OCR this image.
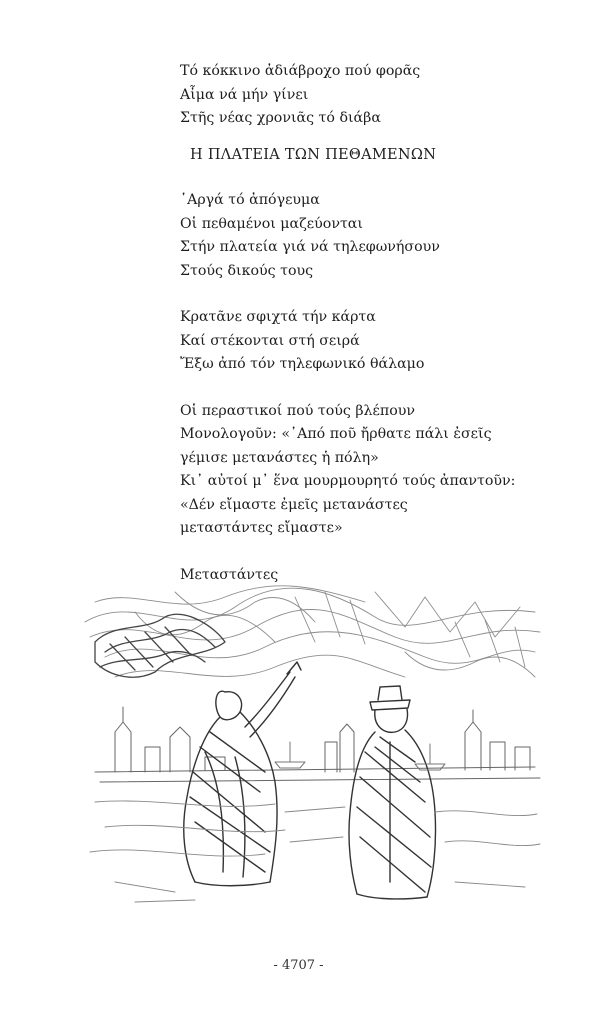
Τό κόκκινο ἀδιάβροχο πού φορᾶς
Αἷμα νά μήν γίνει
Στῆς νέας χρονιᾶς τό διάβα
Η ΠΛΑΤΕΙΑ ΤΩΝ ΠΕΘΑΜΕΝΩΝ
῾Αργά τό ἀπόγευμα
Οἱ πεθαμένοι μαζεύονται
Στήν πλατεία γιά νά τηλεφωνήσουν
Στούς δικούς τους
Κρατᾶνε σφιχτά τήν κάρτα
Καί στέκονται στή σειρά
Ἔξω ἀπό τόν τηλεφωνικό θάλαμο
Οἱ περαστικοί πού τούς βλέπουν
Μονολογοῦν: «᾿Από ποῦ ἤρθατε πάλι ἐσεῖς
γέμισε μετανάστες ἡ πόλη»
Κι᾿ αὐτοί μ᾿ ἕνα μουρμουρητό τούς ἀπαντοῦν:
«Δέν εἴμαστε ἐμεῖς μετανάστες
μεταστάντες εἴμαστε»
Μεταστάντες
- 4707 -
